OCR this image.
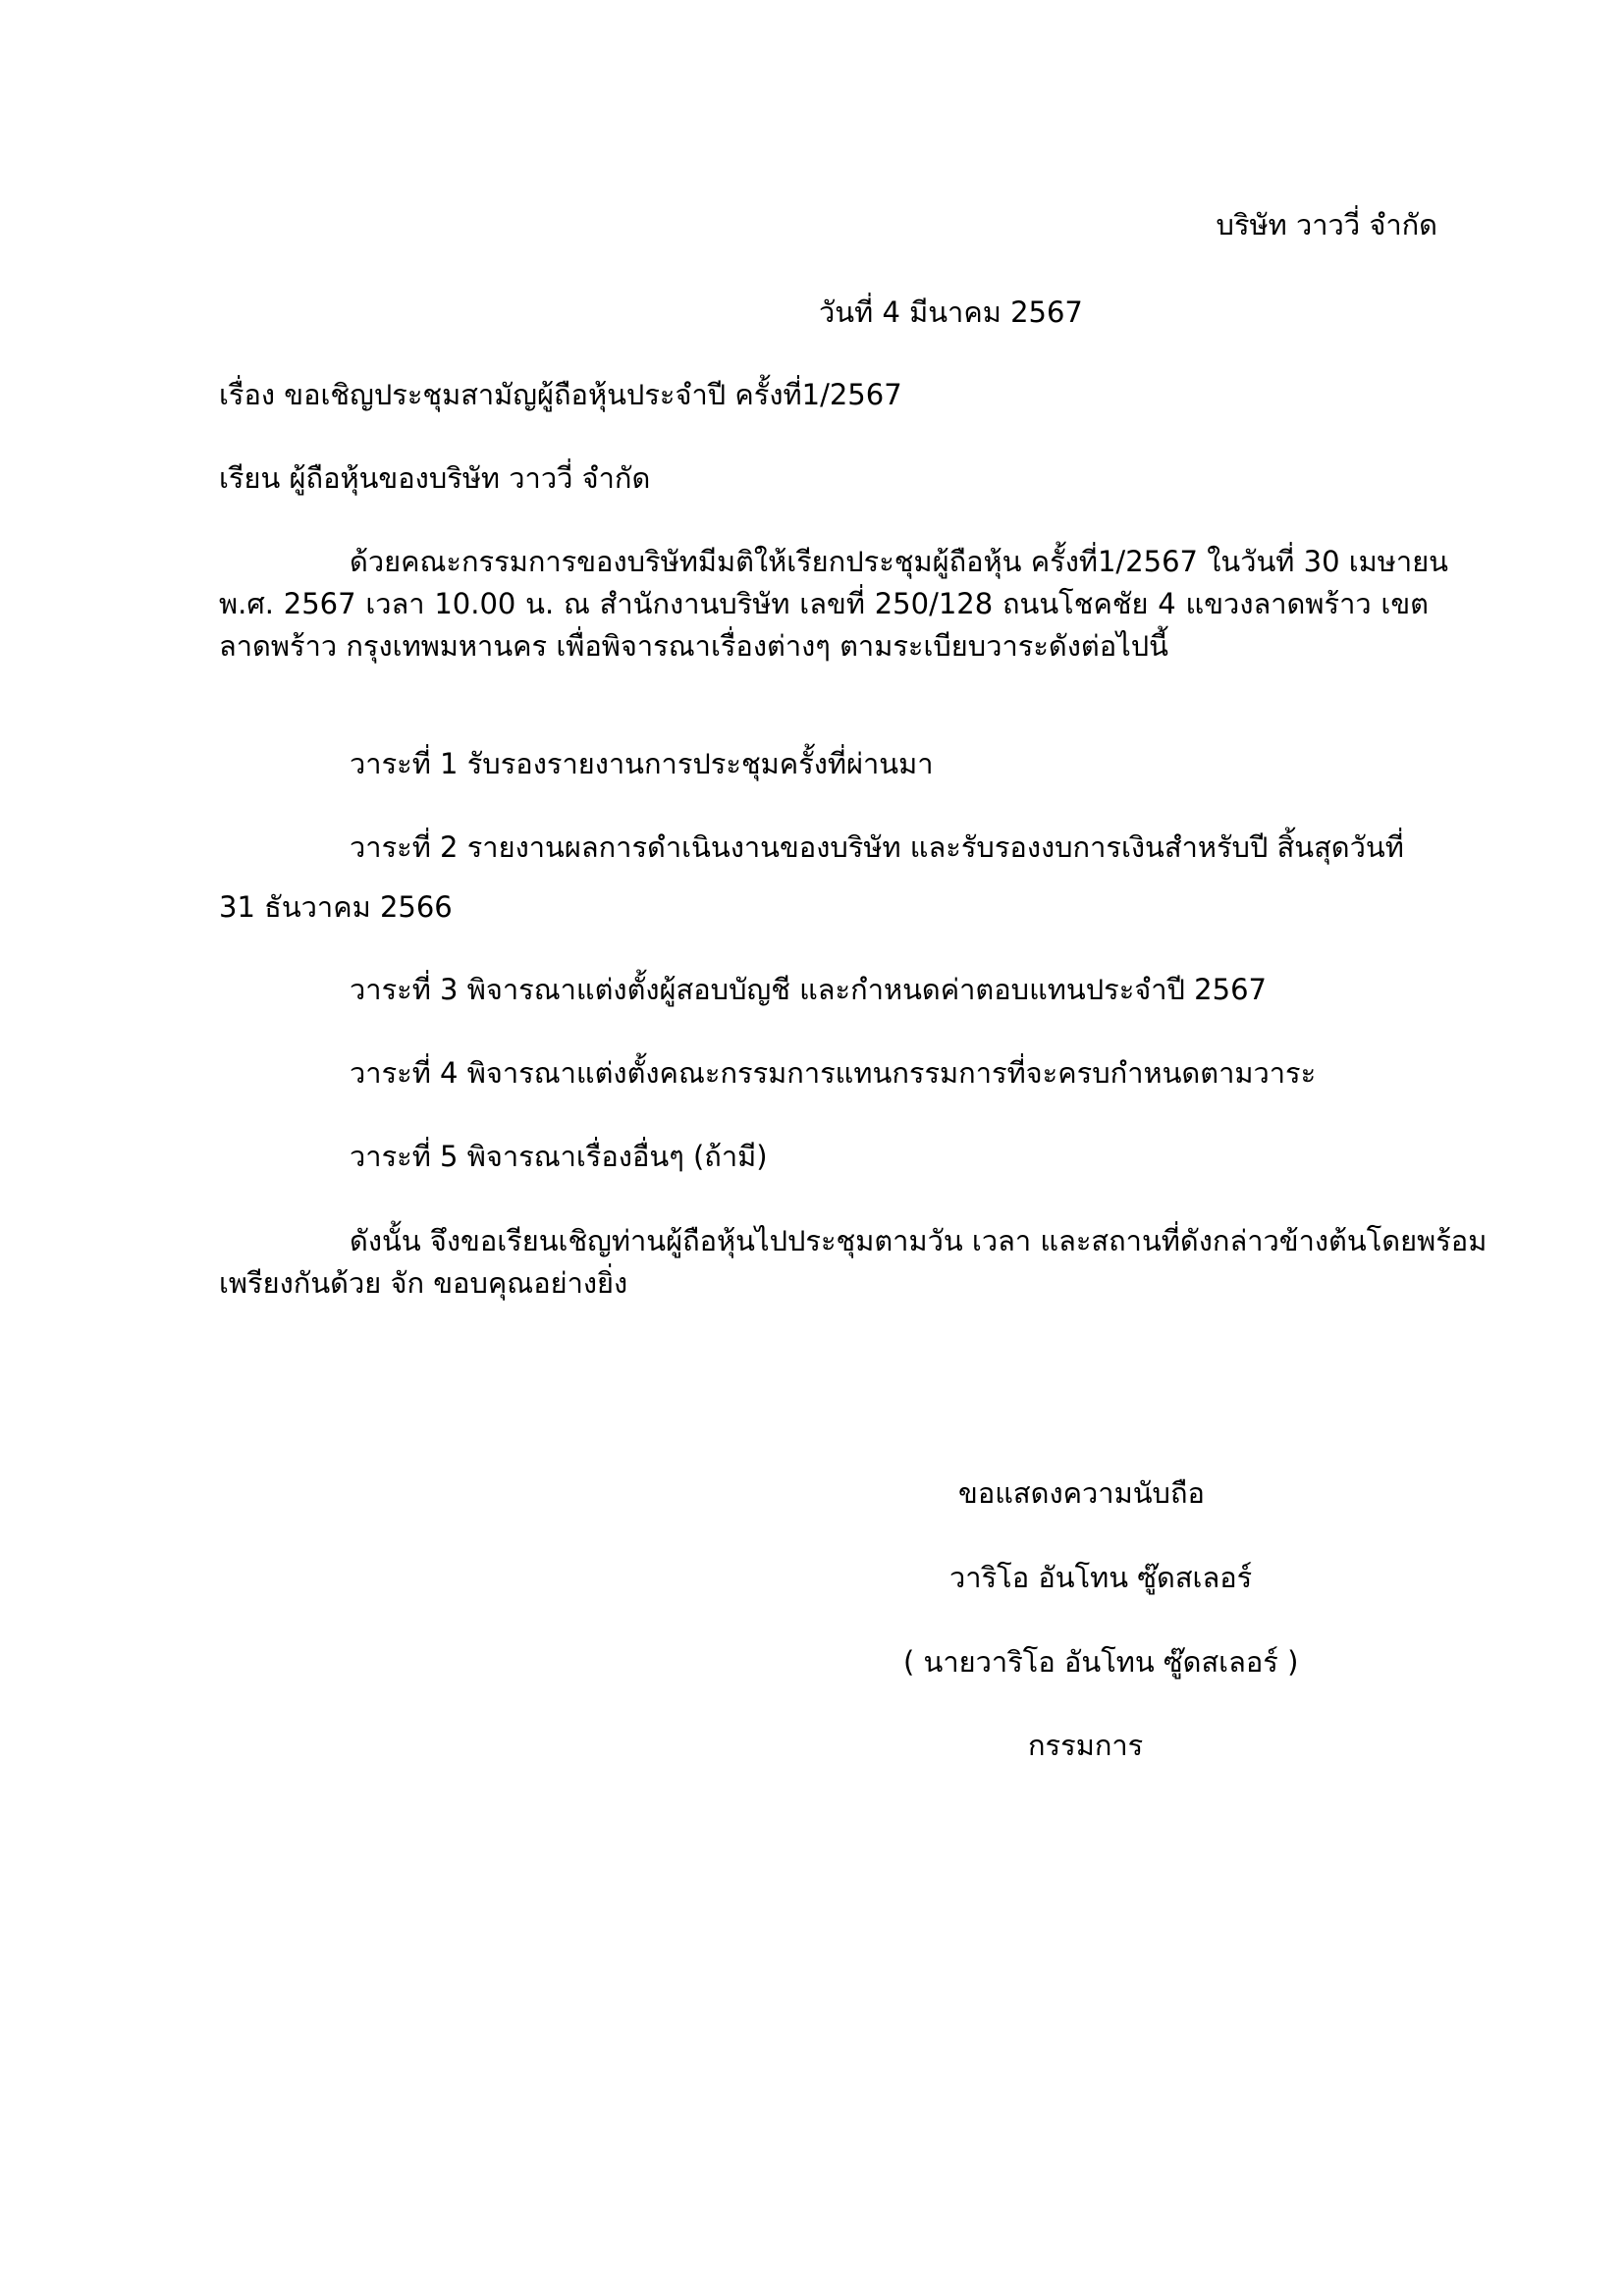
บริษัท วาววี่ จำกัด

วันที่ 4 มีนาคม 2567

เรื่อง ขอเชิญประชุมสามัญผู้ถือหุ้นประจำปี ครั้งที่1/2567

เรียน ผู้ถือหุ้นของบริษัท วาววี่ จำกัด

ด้วยคณะกรรมการของบริษัทมีมติให้เรียกประชุมผู้ถือหุ้น ครั้งที่1/2567 ในวันที่ 30 เมษายน
พ.ศ. 2567 เวลา 10.00 น. ณ สำนักงานบริษัท เลขที่ 250/128 ถนนโชคชัย 4 แขวงลาดพร้าว เขต
ลาดพร้าว กรุงเทพมหานคร เพื่อพิจารณาเรื่องต่างๆ ตามระเบียบวาระดังต่อไปนี้

วาระที่ 1 รับรองรายงานการประชุมครั้งที่ผ่านมา

วาระที่ 2 รายงานผลการดำเนินงานของบริษัท และรับรองงบการเงินสำหรับปี สิ้นสุดวันที่

31 ธันวาคม 2566

วาระที่ 3 พิจารณาแต่งตั้งผู้สอบบัญชี และกำหนดค่าตอบแทนประจำปี 2567

วาระที่ 4 พิจารณาแต่งตั้งคณะกรรมการแทนกรรมการที่จะครบกำหนดตามวาระ

วาระที่ 5 พิจารณาเรื่องอื่นๆ (ถ้ามี)

ดังนั้น จึงขอเรียนเชิญท่านผู้ถือหุ้นไปประชุมตามวัน เวลา และสถานที่ดังกล่าวข้างต้นโดยพร้อม
เพรียงกันด้วย จัก ขอบคุณอย่างยิ่ง

ขอแสดงความนับถือ

วาริโอ อันโทน ซู๊ดสเลอร์

( นายวาริโอ อันโทน ซู๊ดสเลอร์ )

กรรมการ
